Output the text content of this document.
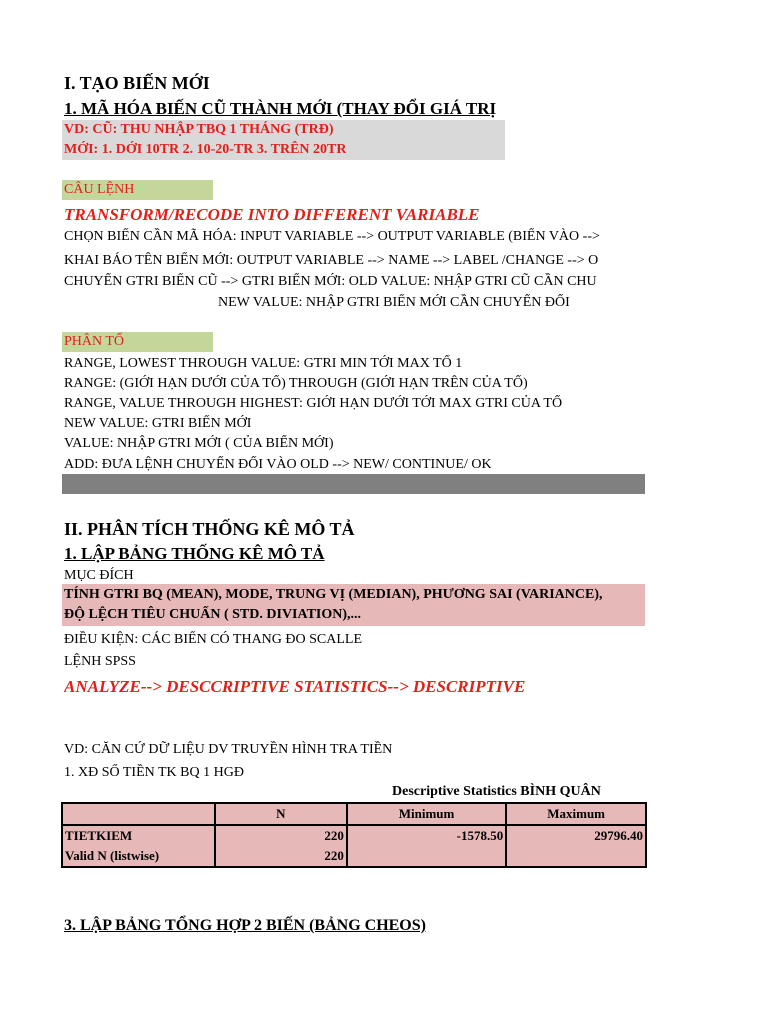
I. TẠO BIẾN MỚI
1. MÃ HÓA BIẾN CŨ THÀNH MỚI (THAY ĐỔI GIÁ TRỊ
VD: CŨ: THU NHẬP TBQ 1 THÁNG (TRĐ)
MỚI: 1. DỚI 10TR 2. 10-20-TR 3. TRÊN 20TR
CÂU LỆNH
TRANSFORM/RECODE INTO DIFFERENT VARIABLE
CHỌN BIẾN CẦN MÃ HÓA: INPUT VARIABLE --> OUTPUT VARIABLE (BIẾN VÀO -->
KHAI BÁO TÊN BIẾN MỚI: OUTPUT VARIABLE --> NAME --> LABEL /CHANGE --> O
CHUYỂN GTRI BIẾN CŨ --> GTRI BIẾN MỚI: OLD VALUE: NHẬP GTRI CŨ CẦN CHU
NEW VALUE: NHẬP GTRI BIẾN MỚI CẦN CHUYỂN ĐỔI
PHÂN TỔ
RANGE, LOWEST THROUGH VALUE: GTRI MIN TỚI MAX TỔ 1
RANGE: (GIỚI HẠN DƯỚI CỦA TỔ) THROUGH (GIỚI HẠN TRÊN CỦA TỔ)
RANGE, VALUE THROUGH HIGHEST: GIỚI HẠN DƯỚI TỚI MAX GTRI CỦA TỔ
NEW VALUE: GTRI BIẾN MỚI
VALUE: NHẬP GTRI MỚI ( CỦA BIẾN MỚI)
ADD: ĐƯA LỆNH CHUYỂN ĐỔI VÀO OLD --> NEW/ CONTINUE/ OK
II. PHÂN TÍCH THỐNG KÊ MÔ TẢ
1. LẬP BẢNG THỐNG KÊ MÔ TẢ
MỤC ĐÍCH
TÍNH GTRI BQ (MEAN), MODE, TRUNG VỊ (MEDIAN), PHƯƠNG SAI (VARIANCE),
ĐỘ LỆCH TIÊU CHUẨN ( STD. DIVIATION),...
ĐIỀU KIỆN: CÁC BIẾN CÓ THANG ĐO SCALLE
LỆNH SPSS
ANALYZE--> DESCCRIPTIVE STATISTICS--> DESCRIPTIVE
VD: CĂN CỨ DỮ LIỆU DV TRUYỀN HÌNH TRA TIỀN
1. XĐ SỐ TIỀN TK BQ 1 HGĐ
Descriptive Statistics BÌNH QUÂN
	N	Minimum	Maximum
TIETKIEM	220	-1578.50	29796.40
Valid N (listwise)	220		
3. LẬP BẢNG TỔNG HỢP 2 BIẾN (BẢNG CHEOS)
